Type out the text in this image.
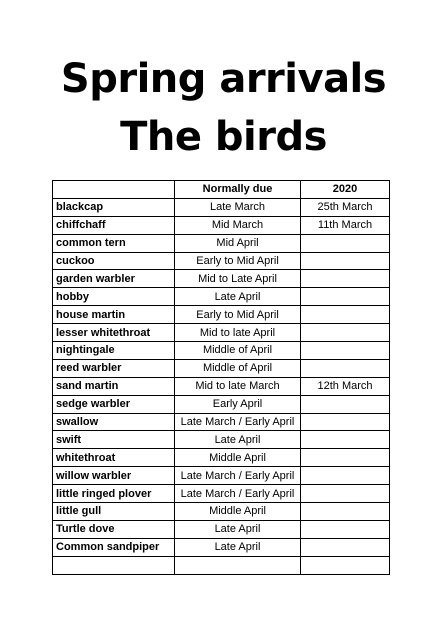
Spring arrivals
The birds
	Normally due	2020
blackcap	Late March	25th March
chiffchaff	Mid March	11th March
common tern	Mid April	
cuckoo	Early to Mid April	
garden warbler	Mid to Late April	
hobby	Late April	
house martin	Early to Mid April	
lesser whitethroat	Mid to late April	
nightingale	Middle of April	
reed warbler	Middle of April	
sand martin	Mid to late March	12th March
sedge warbler	Early April	
swallow	Late March / Early April	
swift	Late April	
whitethroat	Middle April	
willow warbler	Late March / Early April	
little ringed plover	Late March / Early April	
little gull	Middle April	
Turtle dove	Late April	
Common sandpiper	Late April	
